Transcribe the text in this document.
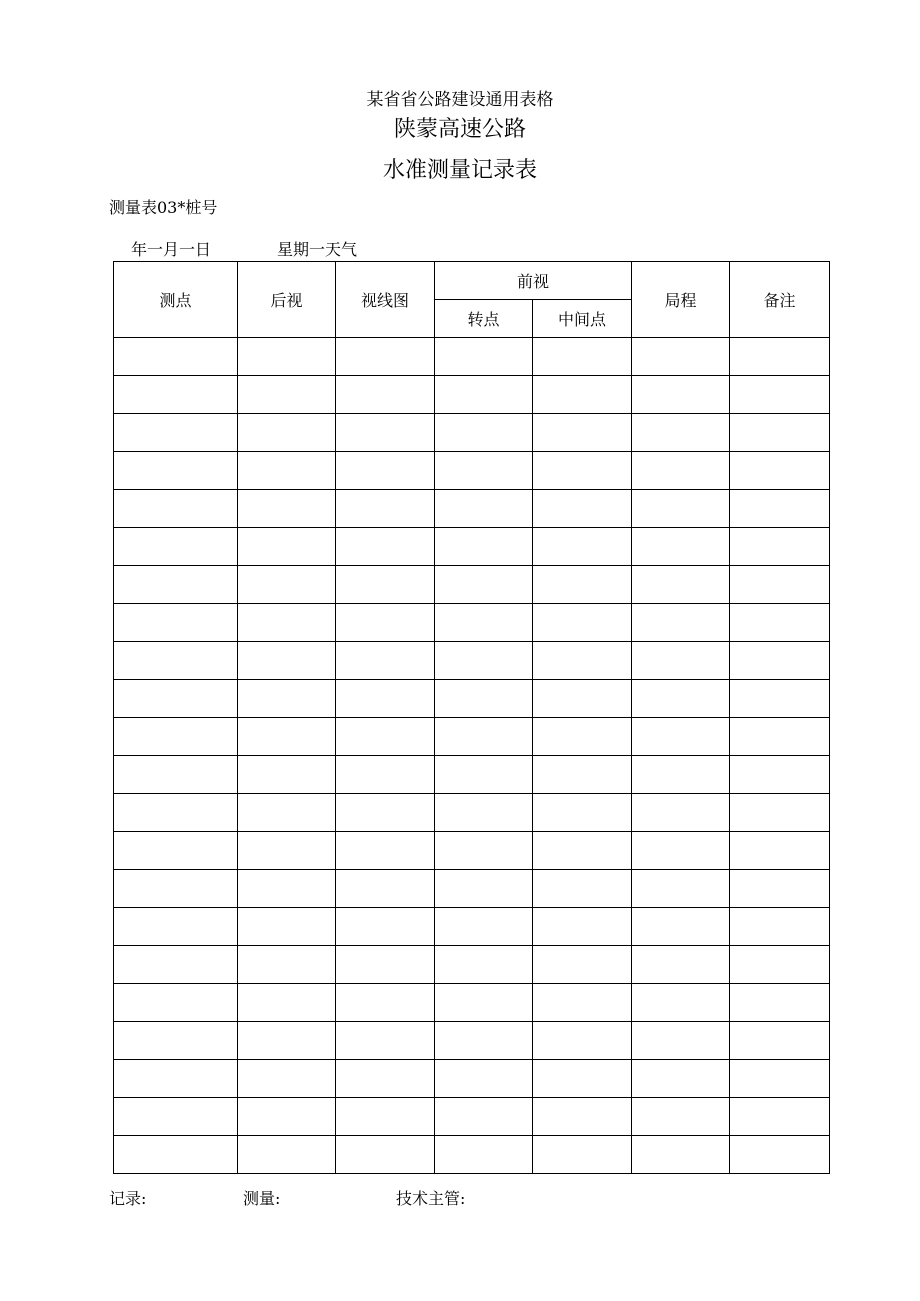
某省省公路建设通用表格
陕蒙高速公路
水准测量记录表
测量表03*桩号
年一月一日	星期一天气
测点	后视	视线图	前视		局程	备注
			转点	中间点		

记录:	测量:	技术主管:
